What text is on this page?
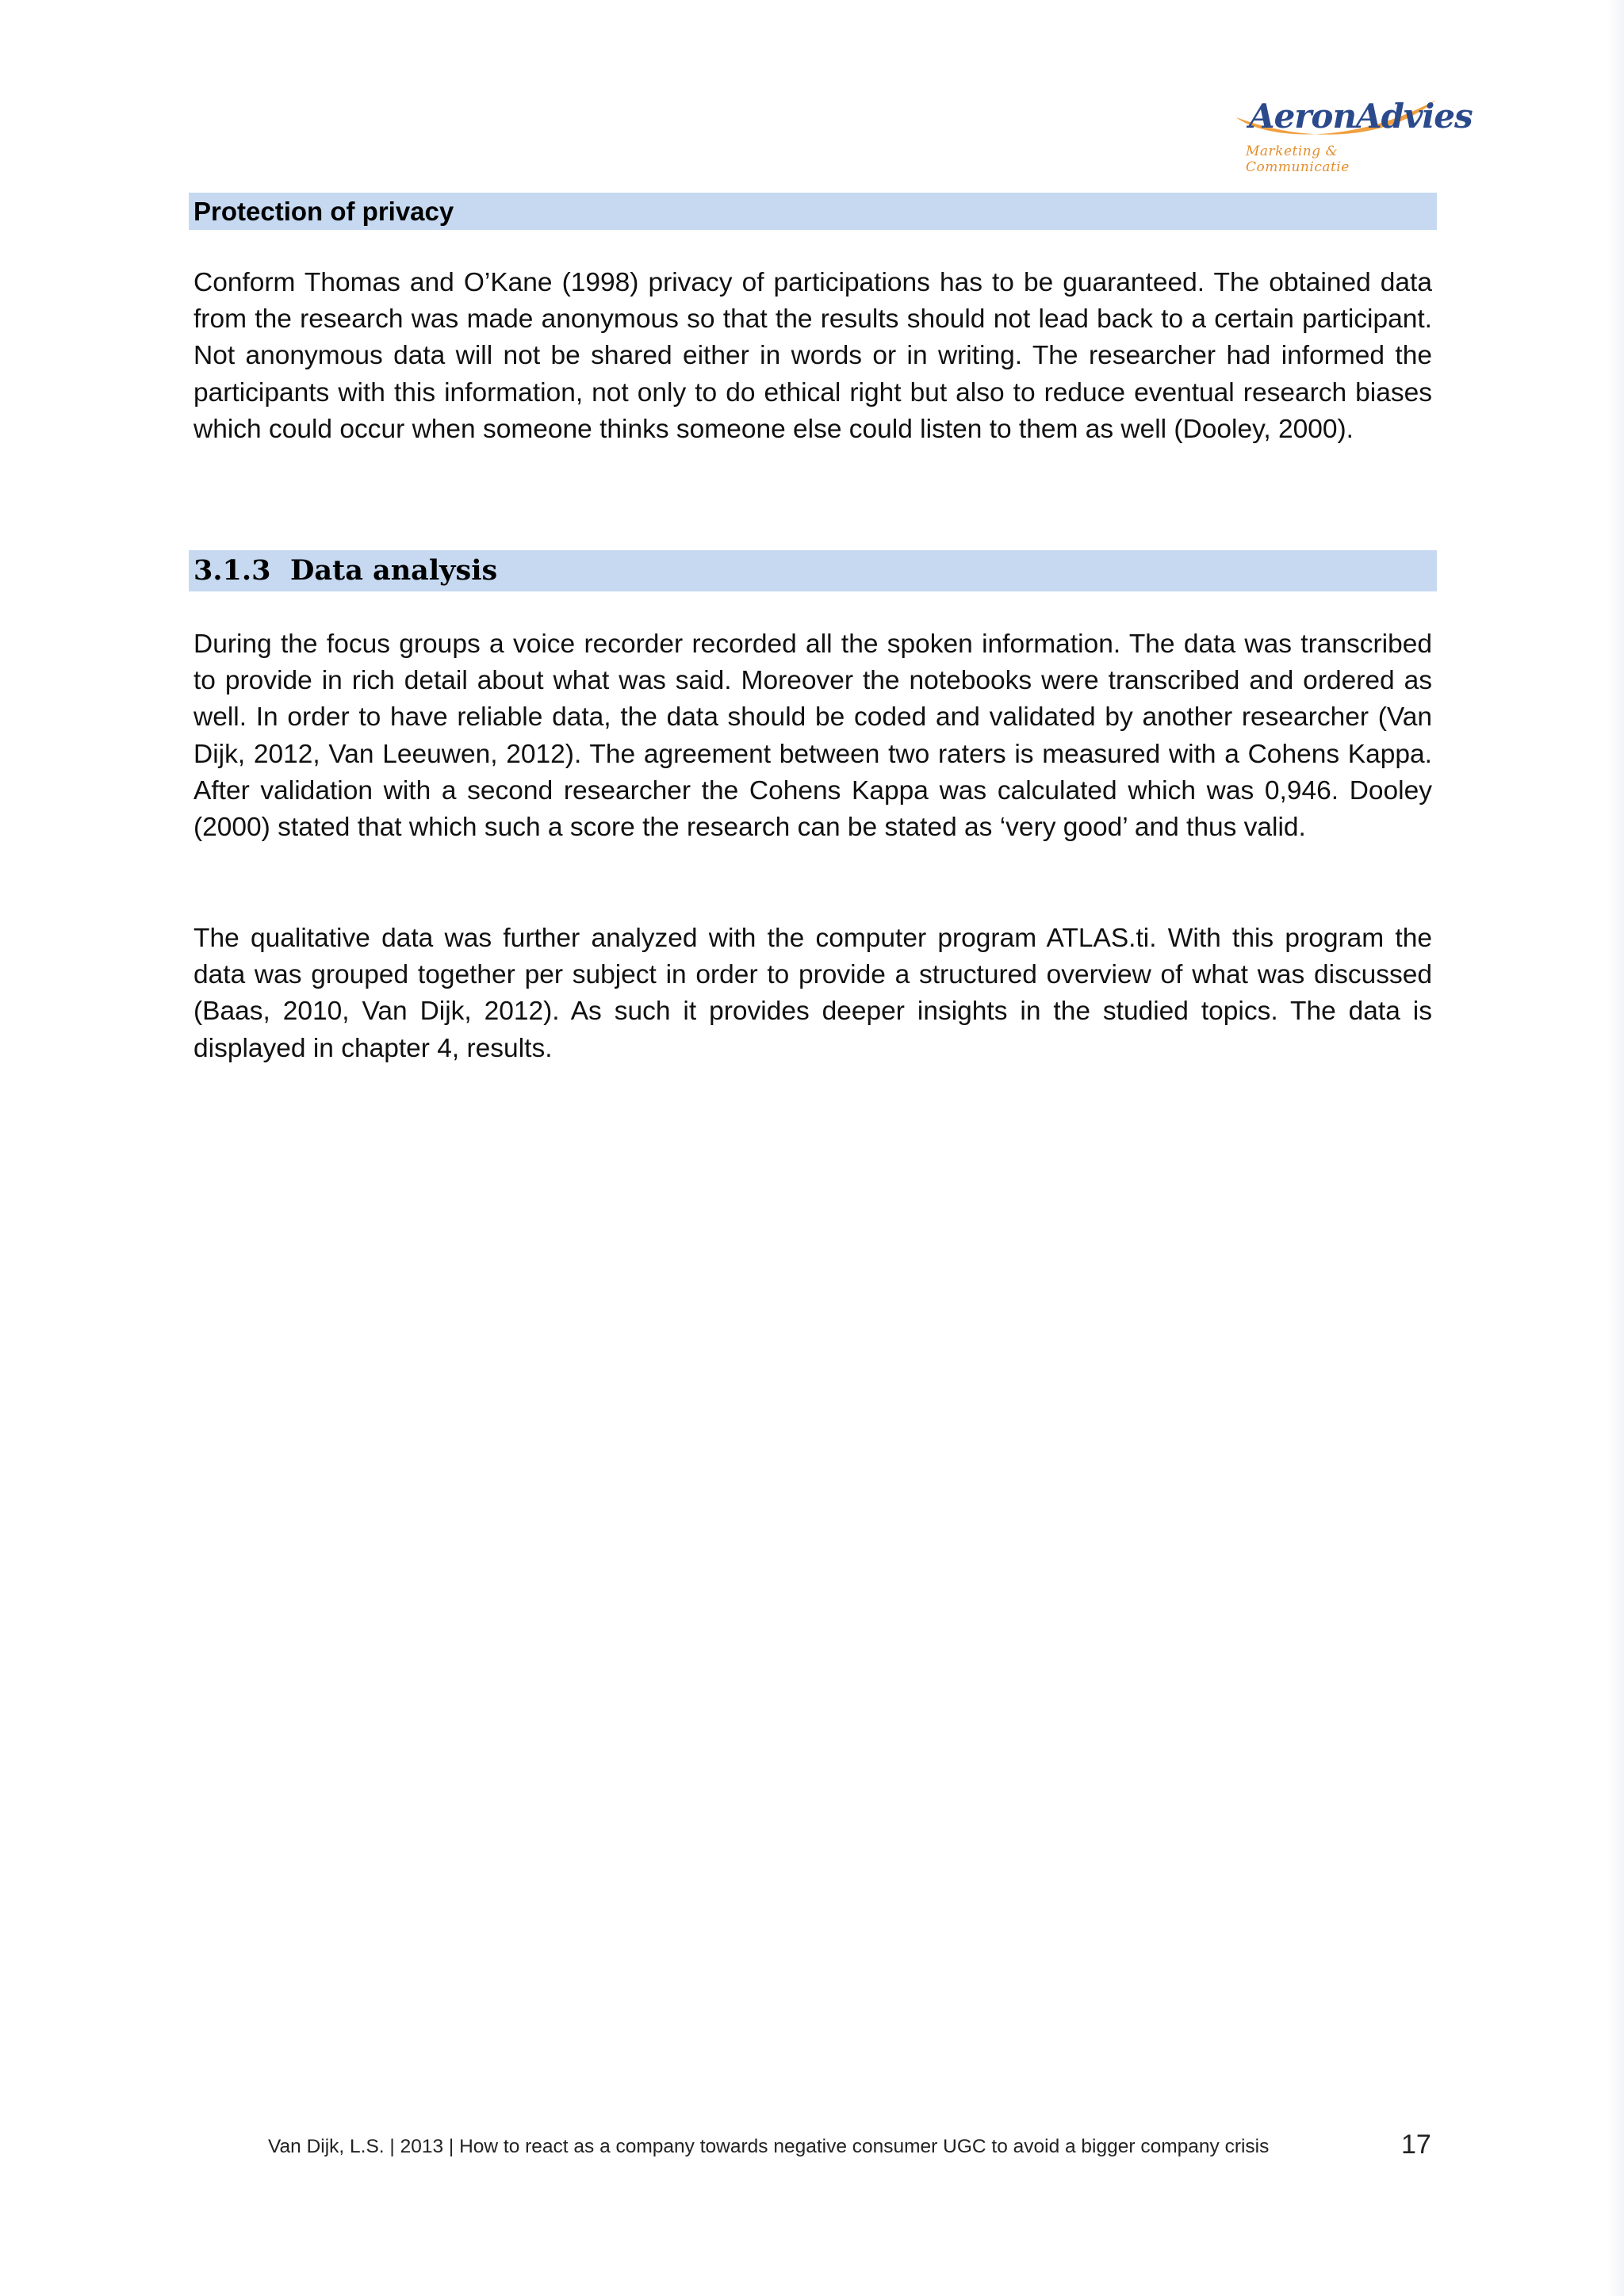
AeronAdvies
Marketing & Communicatie
Protection of privacy

Conform Thomas and O’Kane (1998) privacy of participations has to be guaranteed. The obtained data from the research was made anonymous so that the results should not lead back to a certain participant. Not anonymous data will not be shared either in words or in writing. The researcher had informed the participants with this information, not only to do ethical right but also to reduce eventual research biases which could occur when someone thinks someone else could listen to them as well (Dooley, 2000).

3.1.3 Data analysis

During the focus groups a voice recorder recorded all the spoken information. The data was transcribed to provide in rich detail about what was said. Moreover the notebooks were transcribed and ordered as well. In order to have reliable data, the data should be coded and validated by another researcher (Van Dijk, 2012, Van Leeuwen, 2012). The agreement between two raters is measured with a Cohens Kappa. After validation with a second researcher the Cohens Kappa was calculated which was 0,946. Dooley (2000) stated that which such a score the research can be stated as ‘very good’ and thus valid.

The qualitative data was further analyzed with the computer program ATLAS.ti. With this program the data was grouped together per subject in order to provide a structured overview of what was discussed (Baas, 2010, Van Dijk, 2012). As such it provides deeper insights in the studied topics. The data is displayed in chapter 4, results.

Van Dijk, L.S. | 2013 | How to react as a company towards negative consumer UGC to avoid a bigger company crisis	17
